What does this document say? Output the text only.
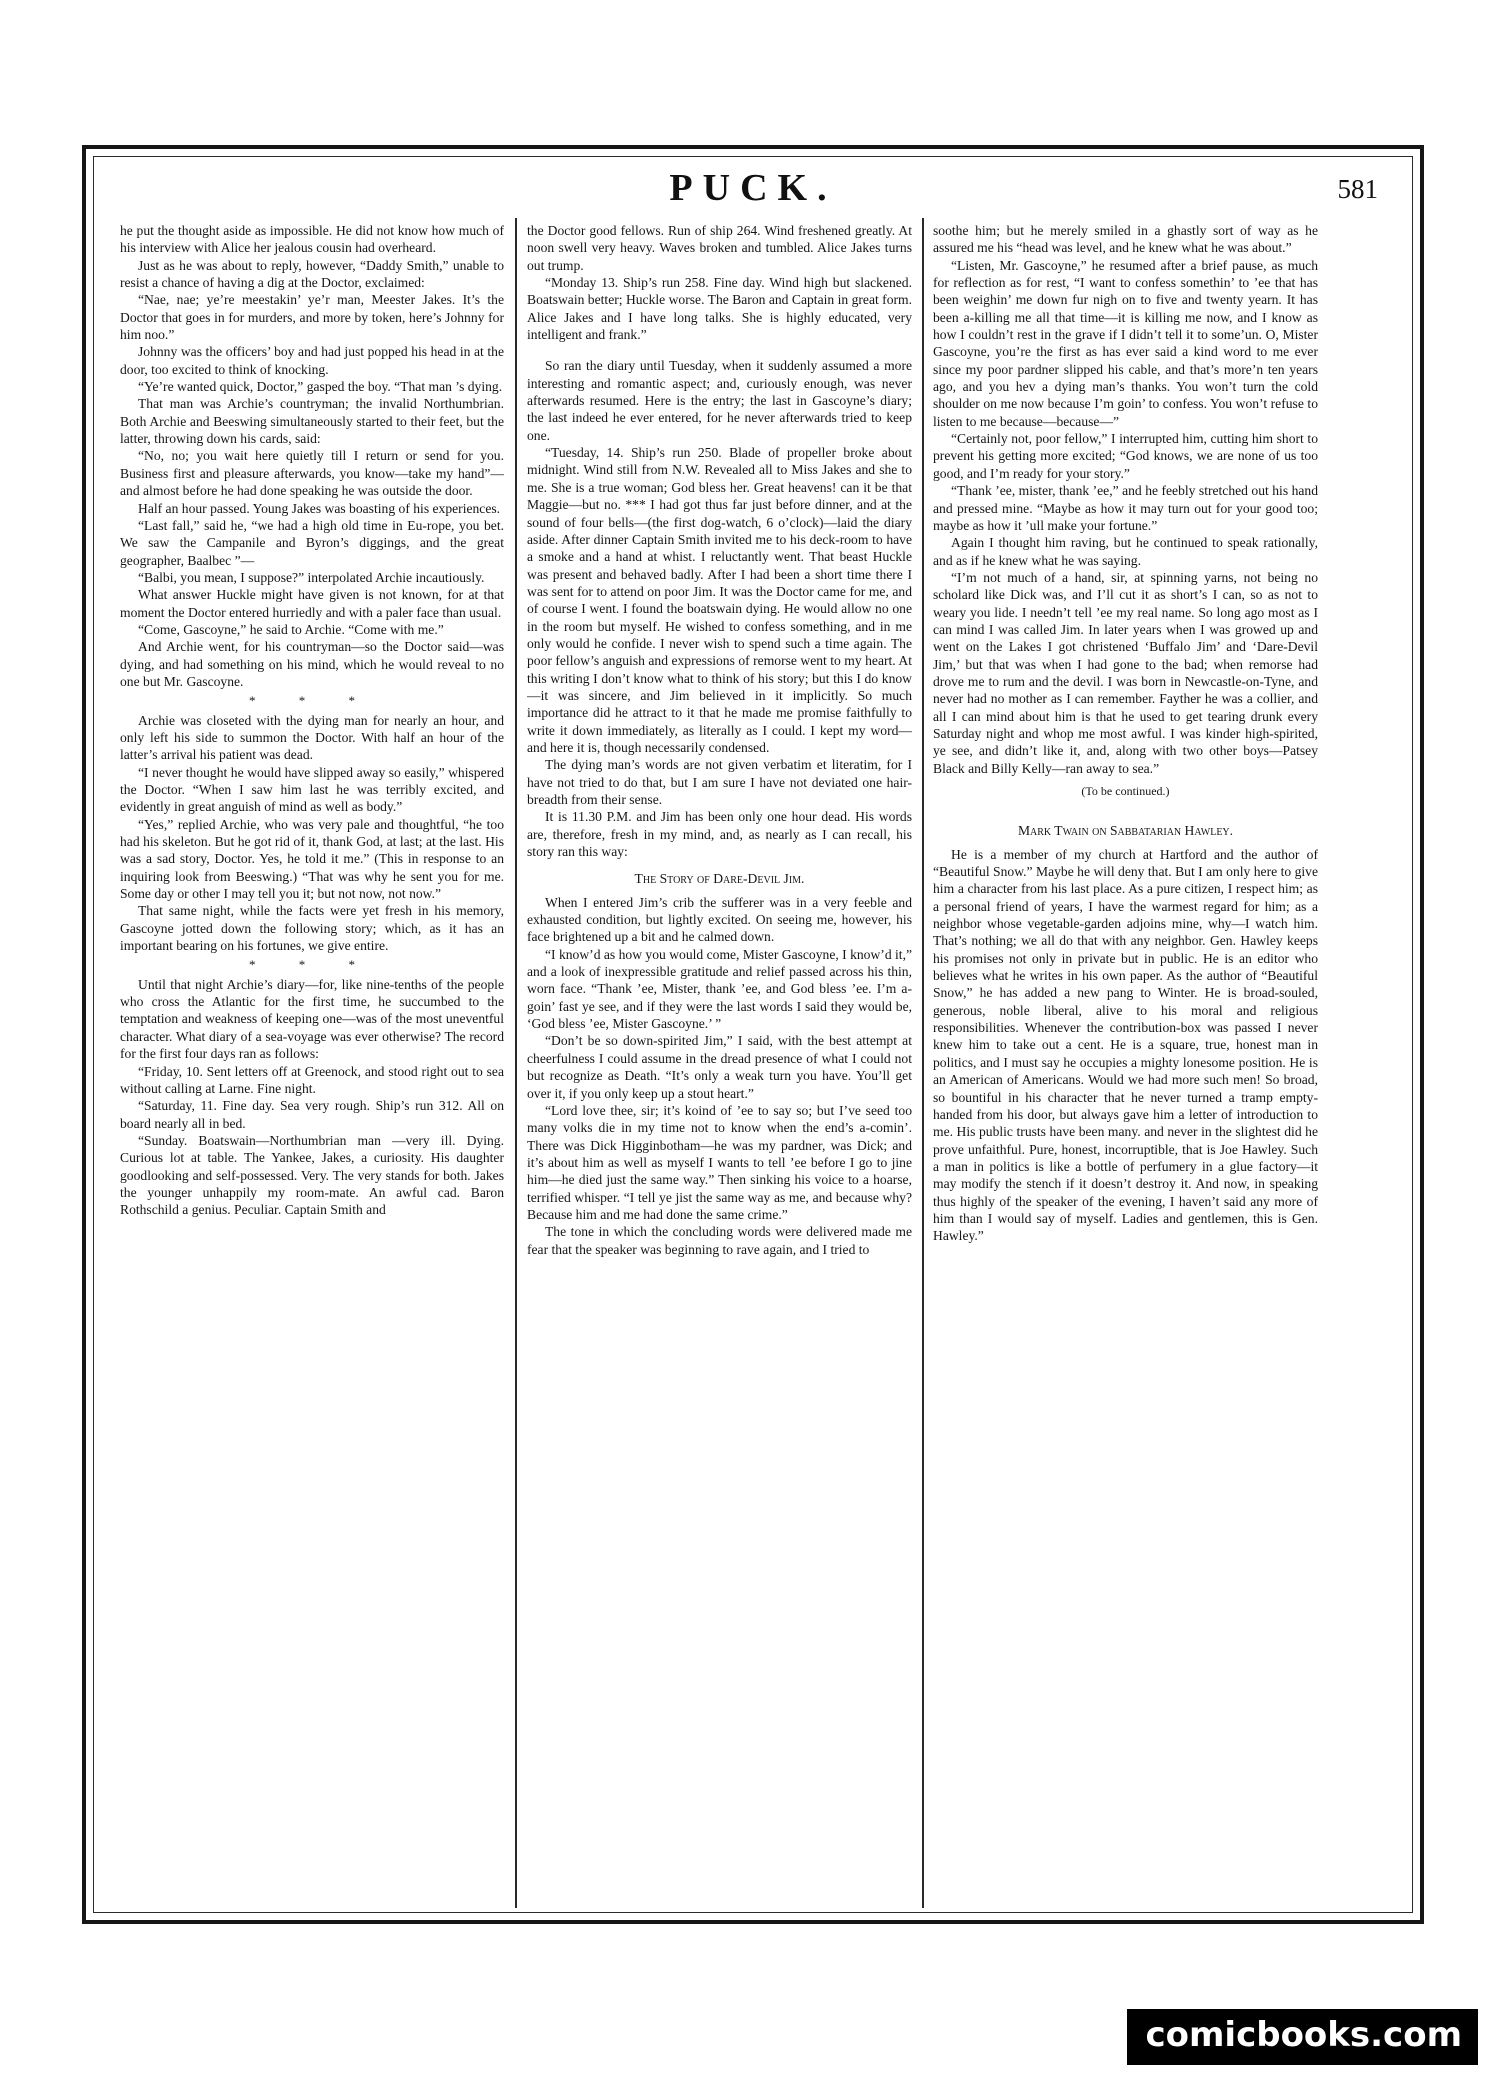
PUCK.	581

he put the thought aside as impossible. He did not know how much of his interview with Alice her jealous cousin had overheard.

Just as he was about to reply, however, “Daddy Smith,” unable to resist a chance of having a dig at the Doctor, exclaimed:

“Nae, nae; ye’re meestakin’ ye’r man, Meester Jakes. It’s the Doctor that goes in for murders, and more by token, here’s Johnny for him noo.”

Johnny was the officers’ boy and had just popped his head in at the door, too excited to think of knocking.

“Ye’re wanted quick, Doctor,” gasped the boy. “That man ’s dying.

That man was Archie’s countryman; the invalid Northumbrian. Both Archie and Beeswing simultaneously started to their feet, but the latter, throwing down his cards, said:

“No, no; you wait here quietly till I return or send for you. Business first and pleasure afterwards, you know—take my hand”—and almost before he had done speaking he was outside the door.

Half an hour passed. Young Jakes was boasting of his experiences.

“Last fall,” said he, “we had a high old time in Eu-rope, you bet. We saw the Campanile and Byron’s diggings, and the great geographer, Baalbec ”—

“Balbi, you mean, I suppose?” interpolated Archie incautiously.

What answer Huckle might have given is not known, for at that moment the Doctor entered hurriedly and with a paler face than usual.

“Come, Gascoyne,” he said to Archie. “Come with me.”

And Archie went, for his countryman—so the Doctor said—was dying, and had something on his mind, which he would reveal to no one but Mr. Gascoyne.

* * *

Archie was closeted with the dying man for nearly an hour, and only left his side to summon the Doctor. With half an hour of the latter’s arrival his patient was dead.

“I never thought he would have slipped away so easily,” whispered the Doctor. “When I saw him last he was terribly excited, and evidently in great anguish of mind as well as body.”

“Yes,” replied Archie, who was very pale and thoughtful, “he too had his skeleton. But he got rid of it, thank God, at last; at the last. His was a sad story, Doctor. Yes, he told it me.” (This in response to an inquiring look from Beeswing.) “That was why he sent you for me. Some day or other I may tell you it; but not now, not now.”

That same night, while the facts were yet fresh in his memory, Gascoyne jotted down the following story; which, as it has an important bearing on his fortunes, we give entire.

* * *

Until that night Archie’s diary—for, like nine-tenths of the people who cross the Atlantic for the first time, he succumbed to the temptation and weakness of keeping one—was of the most uneventful character. What diary of a sea-voyage was ever otherwise? The record for the first four days ran as follows:

“Friday, 10. Sent letters off at Greenock, and stood right out to sea without calling at Larne. Fine night.

“Saturday, 11. Fine day. Sea very rough. Ship’s run 312. All on board nearly all in bed.

“Sunday. Boatswain—Northumbrian man —very ill. Dying. Curious lot at table. The Yankee, Jakes, a curiosity. His daughter goodlooking and self-possessed. Very. The very stands for both. Jakes the younger unhappily my room-mate. An awful cad. Baron Rothschild a genius. Peculiar. Captain Smith and

the Doctor good fellows. Run of ship 264. Wind freshened greatly. At noon swell very heavy. Waves broken and tumbled. Alice Jakes turns out trump.

“Monday 13. Ship’s run 258. Fine day. Wind high but slackened. Boatswain better; Huckle worse. The Baron and Captain in great form. Alice Jakes and I have long talks. She is highly educated, very intelligent and frank.”

So ran the diary until Tuesday, when it suddenly assumed a more interesting and romantic aspect; and, curiously enough, was never afterwards resumed. Here is the entry; the last in Gascoyne’s diary; the last indeed he ever entered, for he never afterwards tried to keep one.

“Tuesday, 14. Ship’s run 250. Blade of propeller broke about midnight. Wind still from N.W. Revealed all to Miss Jakes and she to me. She is a true woman; God bless her. Great heavens! can it be that Maggie—but no. *** I had got thus far just before dinner, and at the sound of four bells—(the first dog-watch, 6 o’clock)—laid the diary aside. After dinner Captain Smith invited me to his deck-room to have a smoke and a hand at whist. I reluctantly went. That beast Huckle was present and behaved badly. After I had been a short time there I was sent for to attend on poor Jim. It was the Doctor came for me, and of course I went. I found the boatswain dying. He would allow no one in the room but myself. He wished to confess something, and in me only would he confide. I never wish to spend such a time again. The poor fellow’s anguish and expressions of remorse went to my heart. At this writing I don’t know what to think of his story; but this I do know—it was sincere, and Jim believed in it implicitly. So much importance did he attract to it that he made me promise faithfully to write it down immediately, as literally as I could. I kept my word—and here it is, though necessarily condensed.

The dying man’s words are not given verbatim et literatim, for I have not tried to do that, but I am sure I have not deviated one hair-breadth from their sense.

It is 11.30 P.M. and Jim has been only one hour dead. His words are, therefore, fresh in my mind, and, as nearly as I can recall, his story ran this way:

The Story of Dare-Devil Jim.

When I entered Jim’s crib the sufferer was in a very feeble and exhausted condition, but lightly excited. On seeing me, however, his face brightened up a bit and he calmed down.

“I know’d as how you would come, Mister Gascoyne, I know’d it,” and a look of inexpressible gratitude and relief passed across his thin, worn face. “Thank ’ee, Mister, thank ’ee, and God bless ’ee. I’m a-goin’ fast ye see, and if they were the last words I said they would be, ‘God bless ’ee, Mister Gascoyne.’ ”

“Don’t be so down-spirited Jim,” I said, with the best attempt at cheerfulness I could assume in the dread presence of what I could not but recognize as Death. “It’s only a weak turn you have. You’ll get over it, if you only keep up a stout heart.”

“Lord love thee, sir; it’s koind of ’ee to say so; but I’ve seed too many volks die in my time not to know when the end’s a-comin’. There was Dick Higginbotham—he was my pardner, was Dick; and it’s about him as well as myself I wants to tell ’ee before I go to jine him—he died just the same way.” Then sinking his voice to a hoarse, terrified whisper. “I tell ye jist the same way as me, and because why? Because him and me had done the same crime.”

The tone in which the concluding words were delivered made me fear that the speaker was beginning to rave again, and I tried to

soothe him; but he merely smiled in a ghastly sort of way as he assured me his “head was level, and he knew what he was about.”

“Listen, Mr. Gascoyne,” he resumed after a brief pause, as much for reflection as for rest, “I want to confess somethin’ to ’ee that has been weighin’ me down fur nigh on to five and twenty yearn. It has been a-killing me all that time—it is killing me now, and I know as how I couldn’t rest in the grave if I didn’t tell it to some’un. O, Mister Gascoyne, you’re the first as has ever said a kind word to me ever since my poor pardner slipped his cable, and that’s more’n ten years ago, and you hev a dying man’s thanks. You won’t turn the cold shoulder on me now because I’m goin’ to confess. You won’t refuse to listen to me because—because—”

“Certainly not, poor fellow,” I interrupted him, cutting him short to prevent his getting more excited; “God knows, we are none of us too good, and I’m ready for your story.”

“Thank ’ee, mister, thank ’ee,” and he feebly stretched out his hand and pressed mine. “Maybe as how it may turn out for your good too; maybe as how it ’ull make your fortune.”

Again I thought him raving, but he continued to speak rationally, and as if he knew what he was saying.

“I’m not much of a hand, sir, at spinning yarns, not being no scholard like Dick was, and I’ll cut it as short’s I can, so as not to weary you lide. I needn’t tell ’ee my real name. So long ago most as I can mind I was called Jim. In later years when I was growed up and went on the Lakes I got christened ‘Buffalo Jim’ and ‘Dare-Devil Jim,’ but that was when I had gone to the bad; when remorse had drove me to rum and the devil. I was born in Newcastle-on-Tyne, and never had no mother as I can remember. Fayther he was a collier, and all I can mind about him is that he used to get tearing drunk every Saturday night and whop me most awful. I was kinder high-spirited, ye see, and didn’t like it, and, along with two other boys—Patsey Black and Billy Kelly—ran away to sea.”

(To be continued.)
Mark Twain on Sabbatarian Hawley.

He is a member of my church at Hartford and the author of “Beautiful Snow.” Maybe he will deny that. But I am only here to give him a character from his last place. As a pure citizen, I respect him; as a personal friend of years, I have the warmest regard for him; as a neighbor whose vegetable-garden adjoins mine, why—I watch him. That’s nothing; we all do that with any neighbor. Gen. Hawley keeps his promises not only in private but in public. He is an editor who believes what he writes in his own paper. As the author of “Beautiful Snow,” he has added a new pang to Winter. He is broad-souled, generous, noble liberal, alive to his moral and religious responsibilities. Whenever the contribution-box was passed I never knew him to take out a cent. He is a square, true, honest man in politics, and I must say he occupies a mighty lonesome position. He is an American of Americans. Would we had more such men! So broad, so bountiful in his character that he never turned a tramp empty-handed from his door, but always gave him a letter of introduction to me. His public trusts have been many. and never in the slightest did he prove unfaithful. Pure, honest, incorruptible, that is Joe Hawley. Such a man in politics is like a bottle of perfumery in a glue factory—it may modify the stench if it doesn’t destroy it. And now, in speaking thus highly of the speaker of the evening, I haven’t said any more of him than I would say of myself. Ladies and gentlemen, this is Gen. Hawley.”

comicbooks.com
